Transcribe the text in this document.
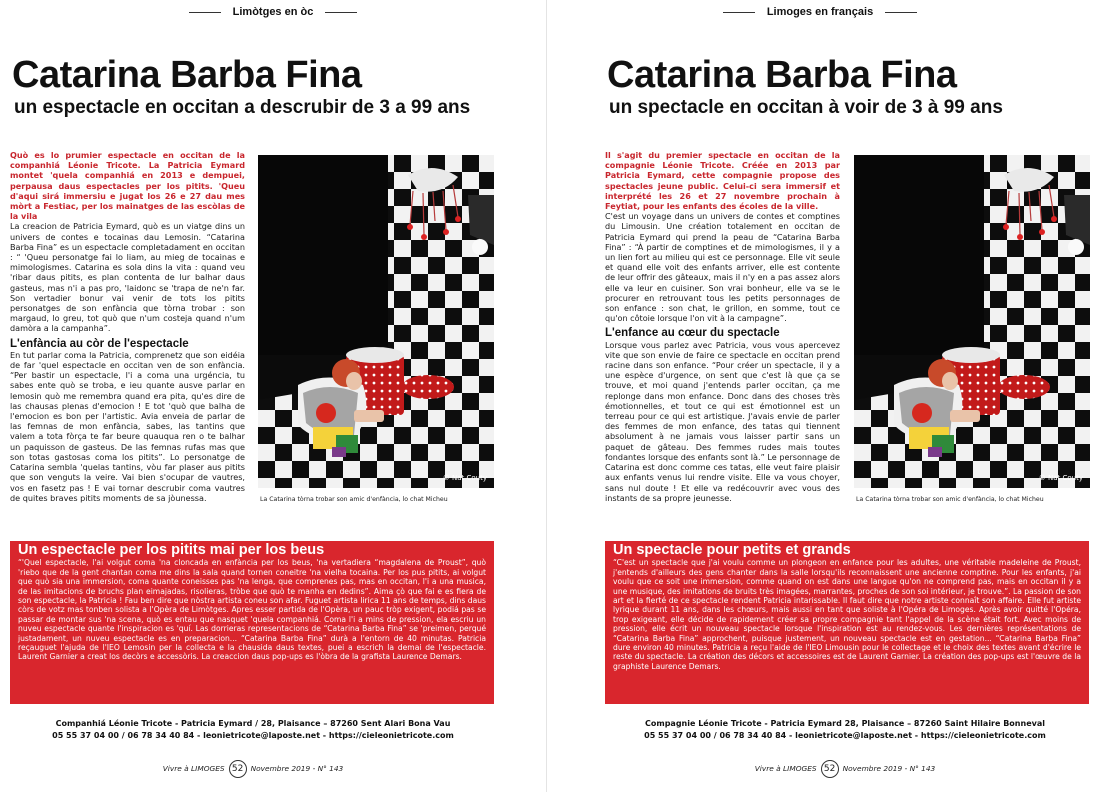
Limòtges en òc
Catarina Barba Fina
un espectacle en occitan a descrubir de 3 a 99 ans

Quò es lo prumier espectacle en occitan de la companhiá Léonie Tricote. La Patricia Eymard montet 'quela companhiá en 2013 e dempuei, perpausa daus espectacles per los pitits. 'Queu d'aqui sirá immersiu e jugat los 26 e 27 dau mes mòrt a Festiac, per los mainatges de las escòlas de la vila

La creacion de Patricia Eymard, quò es un viatge dins un univers de contes e tocainas dau Lemosin. “Catarina Barba Fina” es un espectacle completadament en occitan : “ 'Queu personatge fai lo liam, au mieg de tocainas e mimologismes. Catarina es sola dins la vita : quand veu 'ribar daus pitits, es plan contenta de lur balhar daus gasteus, mas n'i a pas pro, 'laidonc se 'trapa de ne'n far. Son vertadier bonur vai venir de tots los pitits personatges de son enfància que tòrna trobar : son margaud, lo greu, tot quò que n'um costeja quand n'um damòra a la campanha”.

L'enfància au còr de l'espectacle

En tut parlar coma la Patricia, comprenetz que son eidéia de far 'quel espectacle en occitan ven de son enfància. “Per bastir un espectacle, l'i a coma una urgéncia, tu sabes ente quò se troba, e ieu quante ausve parlar en lemosin quò me remembra quand era pita, qu'es dire de las chausas plenas d'emocion ! E tot 'quò que balha de l'emocion es bon per l'artistic. Avia enveia de parlar de las femnas de mon enfància, sabes, las tantins que valem a tota fòrça te far beure quauqua ren o te balhar un paquisson de gasteus. De las femnas rufas mas que son totas gastosas coma los pitits”. Lo personatge de Catarina sembla 'quelas tantins, vòu far plaser aus pitits que son venguts la veire. Vai bien s'ocupar de vautres, vos en fasetz pas ! E vai tornar descrubir coma vautres de quites braves pitits moments de sa jòunessa.

© Nat Couty
La Catarina tòrna trobar son amic d'enfància, lo chat Micheu
Un espectacle per los pitits mai per los beus

“'Quel espectacle, l'ai volgut coma 'na cloncada en enfància per los beus, 'na vertadiera “magdalena de Proust”, quò 'riebo que de la gent chantan coma me dins la sala quand tornen coneitre 'na vielha tocaina. Per los pus pitits, ai volgut que quò sia una immersion, coma quante coneisses pas 'na lenga, que comprenes pas, mas en occitan, l'i a una musica, de las imitacions de bruchs plan eimajadas, risolieras, tròbe que quò te manha en dedins”. Aima çò que fai e es fiera de son espectacle, la Patricia ! Fau ben dire que nòstra artista coneu son afar. Fuguet artista lirica 11 ans de temps, dins daus còrs de votz mas tonben solista a l'Opèra de Limòtges. Apres esser partida de l'Opèra, un pauc tròp exigent, podiá pas se passar de montar sus 'na scena, quò es entau que nasquet 'quela companhiá. Coma l'i a mins de pression, ela escriu un nuveu espectacle quante l'inspiracion es 'quí. Las dorrieras representacions de “Catarina Barba Fina” se 'preimen, perqué justadament, un nuveu espectacle es en preparacion... “Catarina Barba Fina” durà a l'entorn de 40 minutas. Patricia reçauguet l'ajuda de l'IEO Lemosin per la collecta e la chausida daus textes, puei a escrich la demai de l'espectacle. Laurent Garnier a creat los decòrs e accessòris. La creaccion daus pop-ups es l'òbra de la grafista Laurence Demars.

Companhiá Léonie Tricote - Patricia Eymard / 28, Plaisance – 87260 Sent Alari Bona Vau
05 55 37 04 00 / 06 78 34 40 84 - leonietricote@laposte.net - https://cieleonietricote.com
Vivre à LIMOGES 52 Novembre 2019 - N° 143
Limoges en français
Catarina Barba Fina
un spectacle en occitan à voir de 3 à 99 ans

Il s'agit du premier spectacle en occitan de la compagnie Léonie Tricote. Créée en 2013 par Patricia Eymard, cette compagnie propose des spectacles jeune public. Celui-ci sera immersif et interprété les 26 et 27 novembre prochain à Feytiat, pour les enfants des écoles de la ville.

C'est un voyage dans un univers de contes et comptines du Limousin. Une création totalement en occitan de Patricia Eymard qui prend la peau de “Catarina Barba Fina” : “À partir de comptines et de mimologismes, il y a un lien fort au milieu qui est ce personnage. Elle vit seule et quand elle voit des enfants arriver, elle est contente de leur offrir des gâteaux, mais il n'y en a pas assez alors elle va leur en cuisiner. Son vrai bonheur, elle va se le procurer en retrouvant tous les petits personnages de son enfance : son chat, le grillon, en somme, tout ce qu'on côtoie lorsque l'on vit à la campagne”.

L'enfance au cœur du spectacle

Lorsque vous parlez avec Patricia, vous vous apercevez vite que son envie de faire ce spectacle en occitan prend racine dans son enfance. “Pour créer un spectacle, il y a une espèce d'urgence, on sent que c'est là que ça se trouve, et moi quand j'entends parler occitan, ça me replonge dans mon enfance. Donc dans des choses très émotionnelles, et tout ce qui est émotionnel est un terreau pour ce qui est artistique. J'avais envie de parler des femmes de mon enfance, des tatas qui tiennent absolument à ne jamais vous laisser partir sans un paquet de gâteau. Des femmes rudes mais toutes fondantes lorsque des enfants sont là.” Le personnage de Catarina est donc comme ces tatas, elle veut faire plaisir aux enfants venus lui rendre visite. Elle va vous choyer, sans nul doute ! Et elle va redécouvrir avec vous des instants de sa propre jeunesse.

© Nat Couty
La Catarina tòrna trobar son amic d'enfància, lo chat Micheu
Un spectacle pour petits et grands

“C'est un spectacle que j'ai voulu comme un plongeon en enfance pour les adultes, une véritable madeleine de Proust, j'entends d'ailleurs des gens chanter dans la salle lorsqu'ils reconnaissent une ancienne comptine. Pour les enfants, j'ai voulu que ce soit une immersion, comme quand on est dans une langue qu'on ne comprend pas, mais en occitan il y a une musique, des imitations de bruits très imagées, marrantes, proches de son soi intérieur, je trouve.”. La passion de son art et la fierté de ce spectacle rendent Patricia intarissable. Il faut dire que notre artiste connaît son affaire. Elle fut artiste lyrique durant 11 ans, dans les chœurs, mais aussi en tant que soliste à l'Opéra de Limoges. Après avoir quitté l'Opéra, trop exigeant, elle décide de rapidement créer sa propre compagnie tant l'appel de la scène était fort. Avec moins de pression, elle écrit un nouveau spectacle lorsque l'inspiration est au rendez-vous. Les dernières représentations de “Catarina Barba Fina” approchent, puisque justement, un nouveau spectacle est en gestation... “Catarina Barba Fina” dure environ 40 minutes. Patricia a reçu l'aide de l'IEO Limousin pour le collectage et le choix des textes avant d'écrire le reste du spectacle. La création des décors et accessoires est de Laurent Garnier. La création des pop-ups est l'œuvre de la graphiste Laurence Demars.

Compagnie Léonie Tricote - Patricia Eymard 28, Plaisance – 87260 Saint Hilaire Bonneval
05 55 37 04 00 / 06 78 34 40 84 - leonietricote@laposte.net - https://cieleonietricote.com
Vivre à LIMOGES 52 Novembre 2019 - N° 143
